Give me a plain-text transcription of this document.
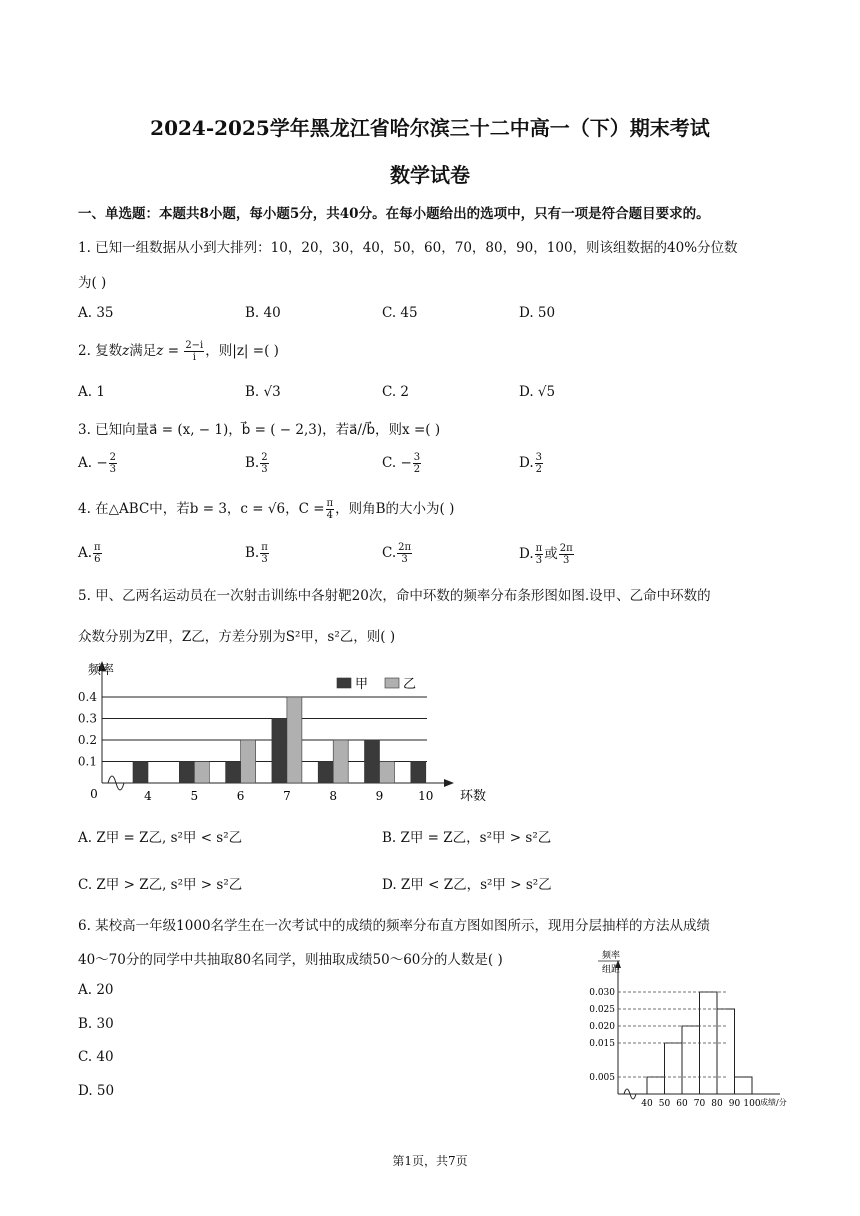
2024-2025学年黑龙江省哈尔滨三十二中高一（下）期末考试
数学试卷
一、单选题：本题共8小题，每小题5分，共40分。在每小题给出的选项中，只有一项是符合题目要求的。
1. 已知一组数据从小到大排列：10，20，30，40，50，60，70，80，90，100，则该组数据的40%分位数
为( )
A. 35	B. 40	C. 45	D. 50
2. 复数z满足$z = \frac{2-i}{i}$ ，则|z| =( )
A. 1	B. √3	C. 2	D. √5
3. 已知向量a⃗ = (x, − 1)，b⃗ = ( − 2,3)，若a⃗//b⃗，则x =( )
A. − $\frac{2}{3}$	B. $\frac{2}{3}$	C. − $\frac{3}{2}$	D. $\frac{3}{2}$
4. 在△ABC中，若b = 3，c = √6，$C = \frac{\pi}{4}$ ，则角B的大小为( )
A. $\frac{\pi}{6}$	B. $\frac{\pi}{3}$	C. $\frac{2\pi}{3}$	D. $\frac{\pi}{3}$ 或 $\frac{2\pi}{3}$
5. 甲、乙两名运动员在一次射击训练中各射靶20次，命中环数的频率分布条形图如图.设甲、乙命中环数的
众数分别为Z甲，Z乙，方差分别为S²甲，s²乙，则( )
0.1
0.2
0.3
0.4
0
频率
环数
4	5	6	7	8	9	10
甲	乙
A. Z甲 = Z乙, s²甲 < s²乙	B. Z甲 = Z乙，s²甲 > s²乙
C. Z甲 > Z乙, s²甲 > s²乙	D. Z甲 < Z乙，s²甲 > s²乙
6. 某校高一年级1000名学生在一次考试中的成绩的频率分布直方图如图所示，现用分层抽样的方法从成绩
40～70分的同学中共抽取80名同学，则抽取成绩50～60分的人数是( )
A. 20
B. 30
C. 40
D. 50
频率
组距
0.005
0.015
0.020
0.025
0.030
40 50 60 70 80 90 100 成绩/分
第1页，共7页
